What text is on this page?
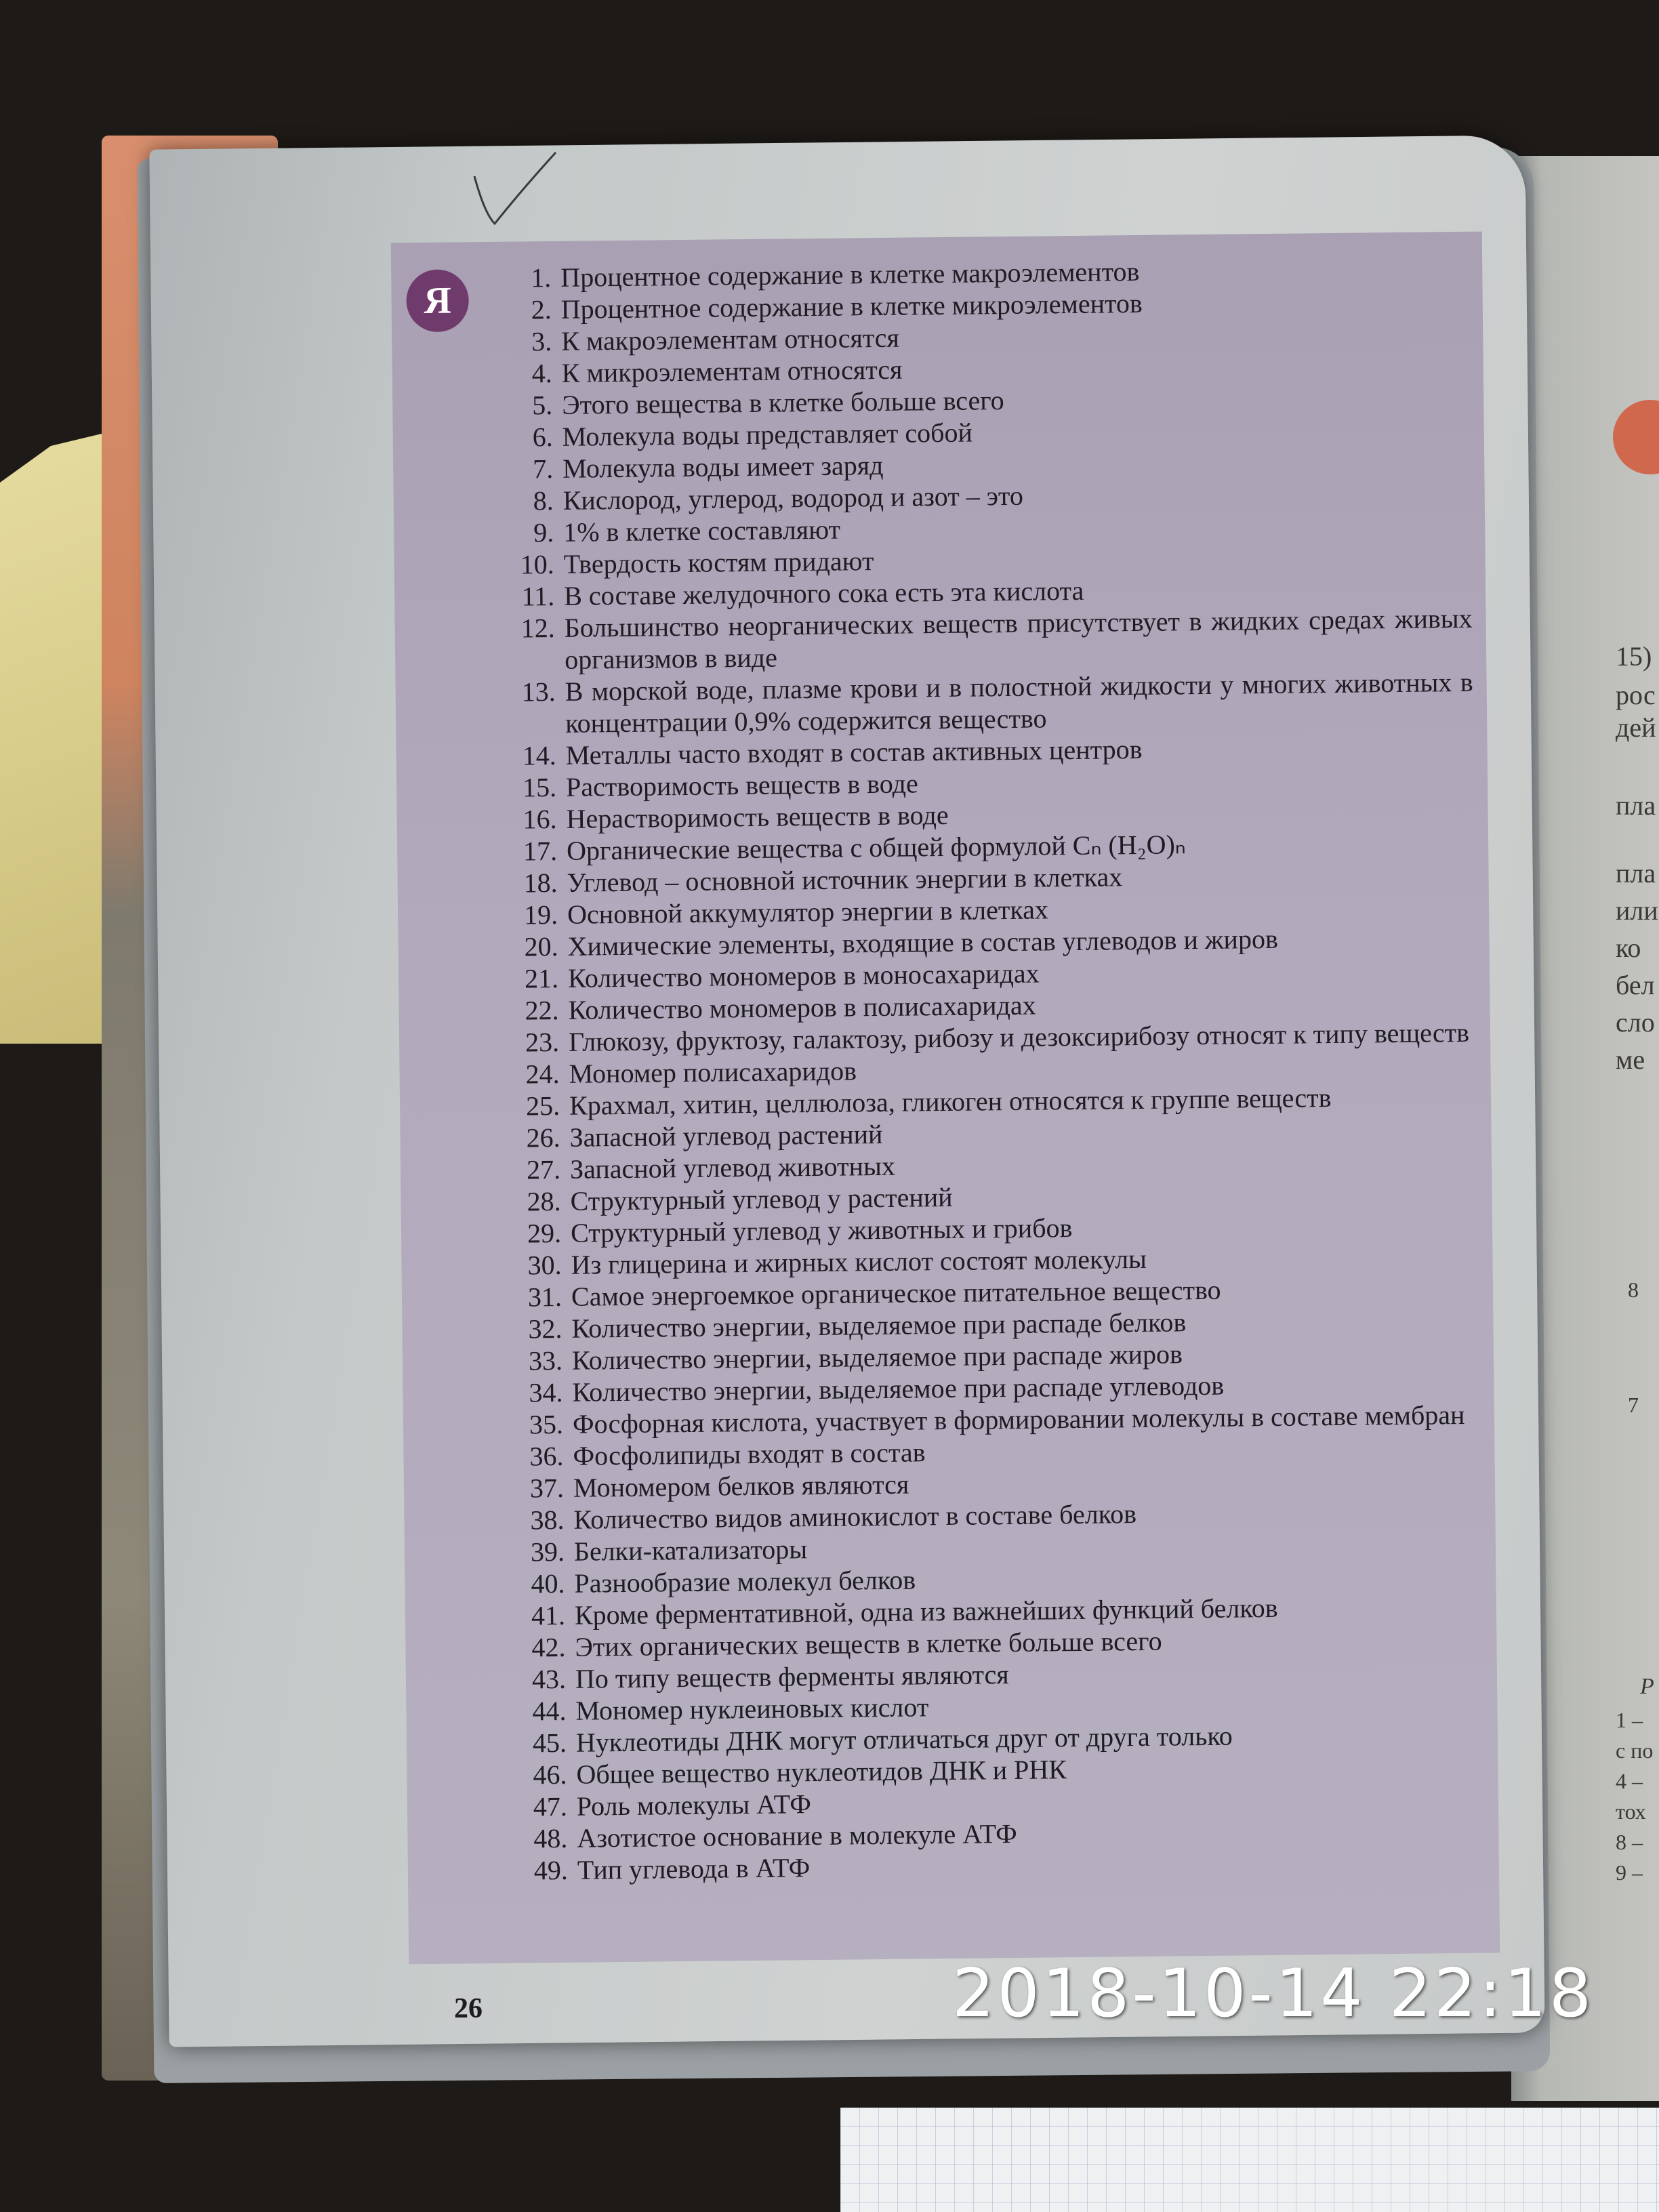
15)
рос
дей
пла
пла
или
ко
бел
сло
ме
8
7
Р
1 –
с по
4 –
тох
8 –
9 –
Я
1. Процентное содержание в клетке макроэлементов
2. Процентное содержание в клетке микроэлементов
3. К макроэлементам относятся
4. К микроэлементам относятся
5. Этого вещества в клетке больше всего
6. Молекула воды представляет собой
7. Молекула воды имеет заряд
8. Кислород, углерод, водород и азот – это
9. 1% в клетке составляют
10. Твердость костям придают
11. В составе желудочного сока есть эта кислота
12. Большинство неорганических веществ присутствует в жидких средах живых организмов в виде
13. В морской воде, плазме крови и в полостной жидкости у многих животных в концентрации 0,9% содержится вещество
14. Металлы часто входят в состав активных центров
15. Растворимость веществ в воде
16. Нерастворимость веществ в воде
17. Органические вещества с общей формулой Cₙ (H₂O)ₙ
18. Углевод – основной источник энергии в клетках
19. Основной аккумулятор энергии в клетках
20. Химические элементы, входящие в состав углеводов и жиров
21. Количество мономеров в моносахаридах
22. Количество мономеров в полисахаридах
23. Глюкозу, фруктозу, галактозу, рибозу и дезоксирибозу относят к типу веществ
24. Мономер полисахаридов
25. Крахмал, хитин, целлюлоза, гликоген относятся к группе веществ
26. Запасной углевод растений
27. Запасной углевод животных
28. Структурный углевод у растений
29. Структурный углевод у животных и грибов
30. Из глицерина и жирных кислот состоят молекулы
31. Самое энергоемкое органическое питательное вещество
32. Количество энергии, выделяемое при распаде белков
33. Количество энергии, выделяемое при распаде жиров
34. Количество энергии, выделяемое при распаде углеводов
35. Фосфорная кислота, участвует в формировании молекулы в составе мембран
36. Фосфолипиды входят в состав
37. Мономером белков являются
38. Количество видов аминокислот в составе белков
39. Белки-катализаторы
40. Разнообразие молекул белков
41. Кроме ферментативной, одна из важнейших функций белков
42. Этих органических веществ в клетке больше всего
43. По типу веществ ферменты являются
44. Мономер нуклеиновых кислот
45. Нуклеотиды ДНК могут отличаться друг от друга только
46. Общее вещество нуклеотидов ДНК и РНК
47. Роль молекулы АТФ
48. Азотистое основание в молекуле АТФ
49. Тип углевода в АТФ
26	2018-10-14 22:18
